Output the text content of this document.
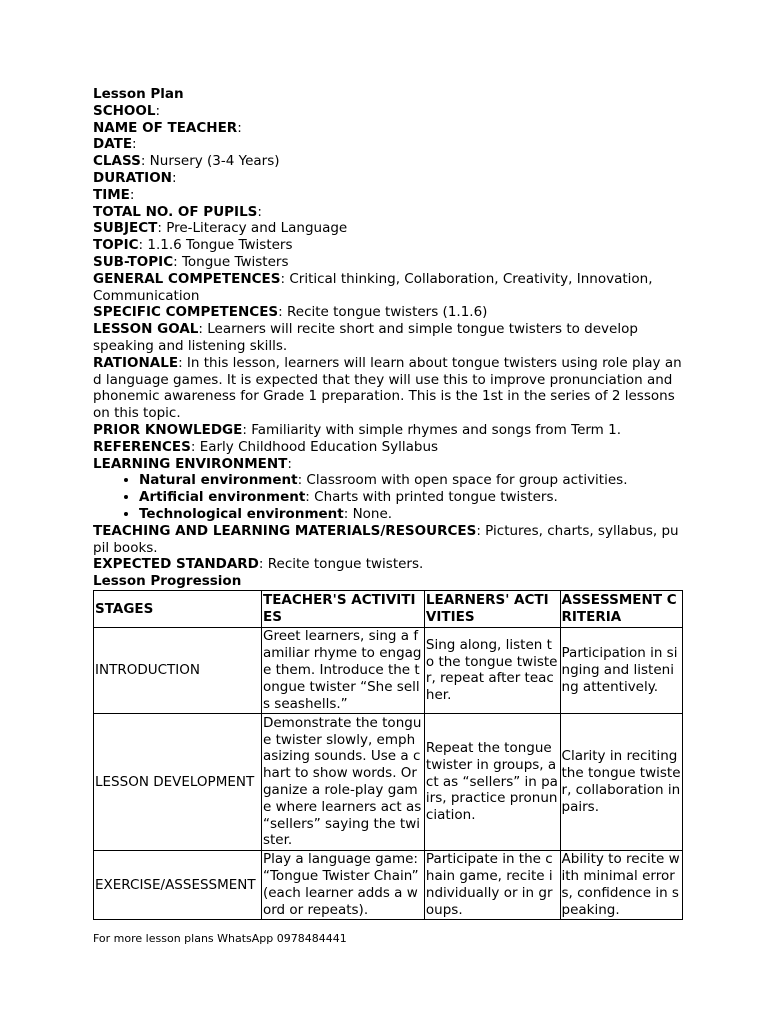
Lesson Plan

SCHOOL:

NAME OF TEACHER:

DATE:

CLASS: Nursery (3-4 Years)

DURATION:

TIME:

TOTAL NO. OF PUPILS:

SUBJECT: Pre-Literacy and Language

TOPIC: 1.1.6 Tongue Twisters

SUB-TOPIC: Tongue Twisters

GENERAL COMPETENCES: Critical thinking, Collaboration, Creativity, Innovation, Communication

SPECIFIC COMPETENCES: Recite tongue twisters (1.1.6)

LESSON GOAL: Learners will recite short and simple tongue twisters to develop speaking and listening skills.

RATIONALE: In this lesson, learners will learn about tongue twisters using role play and language games. It is expected that they will use this to improve pronunciation and phonemic awareness for Grade 1 preparation. This is the 1st in the series of 2 lessons on this topic.

PRIOR KNOWLEDGE: Familiarity with simple rhymes and songs from Term 1.

REFERENCES: Early Childhood Education Syllabus

LEARNING ENVIRONMENT:

• Natural environment: Classroom with open space for group activities.
• Artificial environment: Charts with printed tongue twisters.
• Technological environment: None.

TEACHING AND LEARNING MATERIALS/RESOURCES: Pictures, charts, syllabus, pupil books.

EXPECTED STANDARD: Recite tongue twisters.

Lesson Progression

STAGES	TEACHER'S ACTIVITIES	LEARNERS' ACTIVITIES	ASSESSMENT CRITERIA
INTRODUCTION	Greet learners, sing a familiar rhyme to engage them. Introduce the tongue twister “She sells seashells.”	Sing along, listen to the tongue twister, repeat after teacher.	Participation in singing and listening attentively.
LESSON DEVELOPMENT	Demonstrate the tongue twister slowly, emphasizing sounds. Use a chart to show words. Organize a role-play game where learners act as “sellers” saying the twister.	Repeat the tongue twister in groups, act as “sellers” in pairs, practice pronunciation.	Clarity in reciting the tongue twister, collaboration in pairs.
EXERCISE/ASSESSMENT	Play a language game: “Tongue Twister Chain” (each learner adds a word or repeats).	Participate in the chain game, recite individually or in groups.	Ability to recite with minimal errors, confidence in speaking.
For more lesson plans WhatsApp 0978484441
